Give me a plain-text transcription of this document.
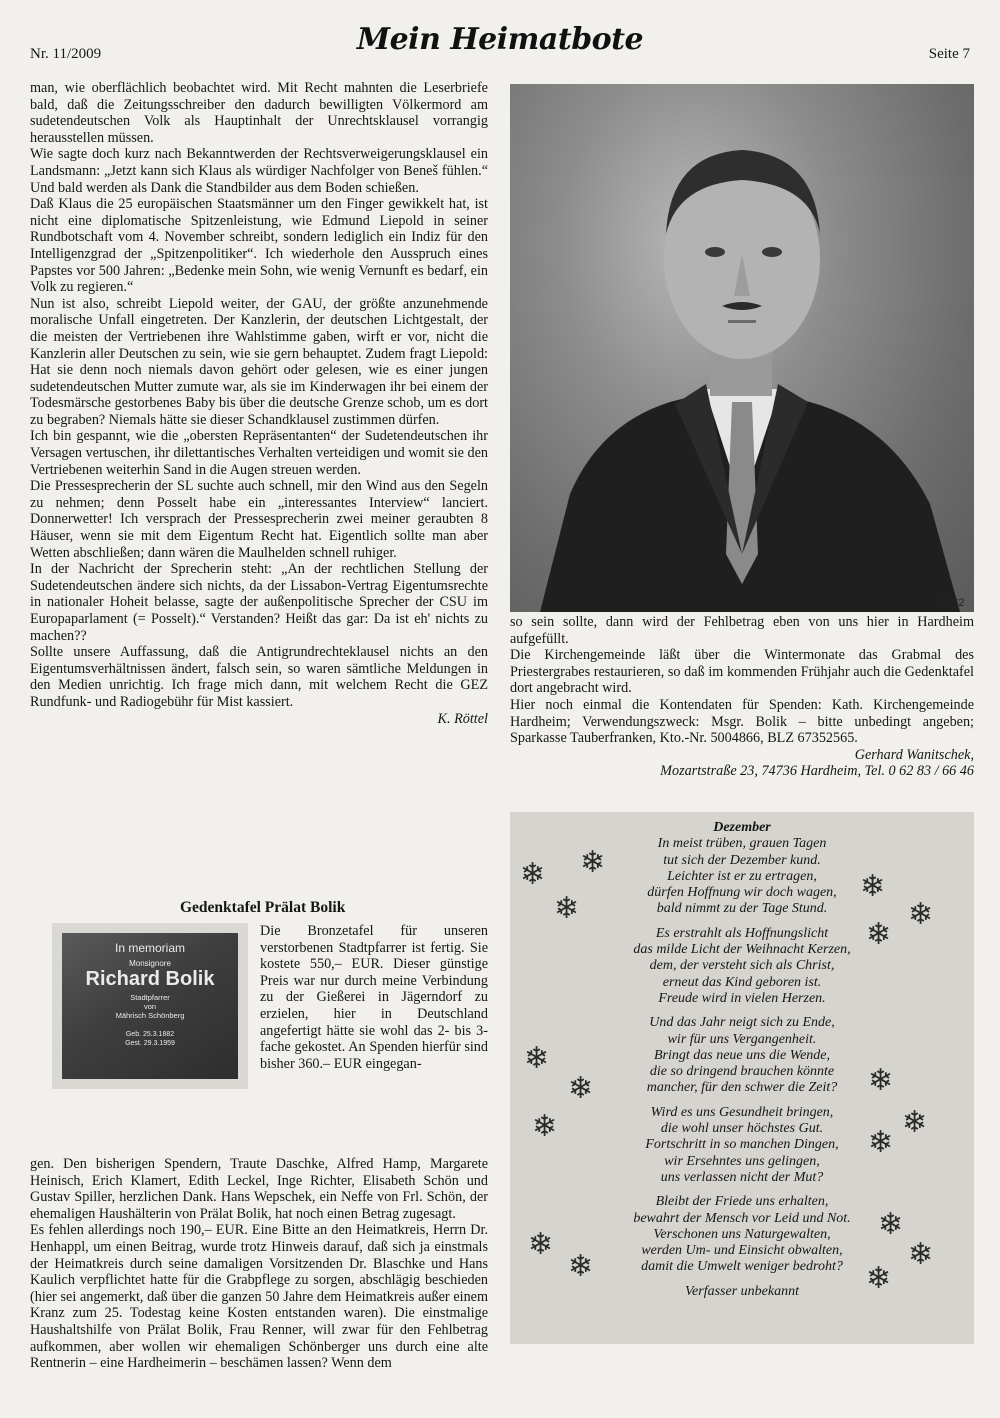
Nr. 11/2009	Mein Heimatbote	Seite 7

man, wie oberflächlich beobachtet wird. Mit Recht mahnten die Leserbriefe bald, daß die Zeitungsschreiber den dadurch bewilligten Völkermord am sudetendeutschen Volk als Hauptinhalt der Unrechtsklausel vorrangig herausstellen müssen.

Wie sagte doch kurz nach Bekanntwerden der Rechtsverweigerungsklausel ein Landsmann: „Jetzt kann sich Klaus als würdiger Nachfolger von Beneš fühlen.“ Und bald werden als Dank die Standbilder aus dem Boden schießen.

Daß Klaus die 25 europäischen Staatsmänner um den Finger gewikkelt hat, ist nicht eine diplomatische Spitzenleistung, wie Edmund Liepold in seiner Rundbotschaft vom 4. November schreibt, sondern lediglich ein Indiz für den Intelligenzgrad der „Spitzenpolitiker“. Ich wiederhole den Ausspruch eines Papstes vor 500 Jahren: „Bedenke mein Sohn, wie wenig Vernunft es bedarf, ein Volk zu regieren.“

Nun ist also, schreibt Liepold weiter, der GAU, der größte anzunehmende moralische Unfall eingetreten. Der Kanzlerin, der deutschen Lichtgestalt, der die meisten der Vertriebenen ihre Wahlstimme gaben, wirft er vor, nicht die Kanzlerin aller Deutschen zu sein, wie sie gern behauptet. Zudem fragt Liepold: Hat sie denn noch niemals davon gehört oder gelesen, wie es einer jungen sudetendeutschen Mutter zumute war, als sie im Kinderwagen ihr bei einem der Todesmärsche gestorbenes Baby bis über die deutsche Grenze schob, um es dort zu begraben? Niemals hätte sie dieser Schandklausel zustimmen dürfen.

Ich bin gespannt, wie die „obersten Repräsentanten“ der Sudetendeutschen ihr Versagen vertuschen, ihr dilettantisches Verhalten verteidigen und womit sie den Vertriebenen weiterhin Sand in die Augen streuen werden.

Die Pressesprecherin der SL suchte auch schnell, mir den Wind aus den Segeln zu nehmen; denn Posselt habe ein „interessantes Interview“ lanciert. Donnerwetter! Ich versprach der Pressesprecherin zwei meiner geraubten 8 Häuser, wenn sie mit dem Eigentum Recht hat. Eigentlich sollte man aber Wetten abschließen; dann wären die Maulhelden schnell ruhiger.

In der Nachricht der Sprecherin steht: „An der rechtlichen Stellung der Sudetendeutschen ändere sich nichts, da der Lissabon-Vertrag Eigentumsrechte in nationaler Hoheit belasse, sagte der außenpolitische Sprecher der CSU im Europaparlament (= Posselt).“ Verstanden? Heißt das gar: Da ist eh' nichts zu machen??

Sollte unsere Auffassung, daß die Antigrundrechteklausel nichts an den Eigentumsverhältnissen ändert, falsch sein, so waren sämtliche Meldungen in den Medien unrichtig. Ich frage mich dann, mit welchem Recht die GEZ Rundfunk- und Radiogebühr für Mist kassiert.

K. Röttel

Gedenktafel Prälat Bolik
In memoriam
Monsignore
Richard Bolik
Stadtpfarrer
von
Mährisch Schönberg
Geb. 25.3.1882
Gest. 29.3.1959

Die Bronzetafel für unseren verstorbenen Stadtpfarrer ist fertig. Sie kostete 550,– EUR. Dieser günstige Preis war nur durch meine Verbindung zu der Gießerei in Jägerndorf zu erzielen, hier in Deutschland angefertigt hätte sie wohl das 2- bis 3-fache gekostet. An Spenden hierfür sind bisher 360.– EUR eingegan-

gen. Den bisherigen Spendern, Traute Daschke, Alfred Hamp, Margarete Heinisch, Erich Klamert, Edith Leckel, Inge Richter, Elisabeth Schön und Gustav Spiller, herzlichen Dank. Hans Wepschek, ein Neffe von Frl. Schön, der ehemaligen Haushälterin von Prälat Bolik, hat noch einen Betrag zugesagt.

Es fehlen allerdings noch 190,– EUR. Eine Bitte an den Heimatkreis, Herrn Dr. Henhappl, um einen Beitrag, wurde trotz Hinweis darauf, daß sich ja einstmals der Heimatkreis durch seine damaligen Vorsitzenden Dr. Blaschke und Hans Kaulich verpflichtet hatte für die Grabpflege zu sorgen, abschlägig beschieden (hier sei angemerkt, daß über die ganzen 50 Jahre dem Heimatkreis außer einem Kranz zum 25. Todestag keine Kosten entstanden waren). Die einstmalige Haushaltshilfe von Prälat Bolik, Frau Renner, will zwar für den Fehlbetrag aufkommen, aber wollen wir ehemaligen Schönberger uns durch eine alte Rentnerin – eine Hardheimerin – beschämen lassen? Wenn dem

5062

so sein sollte, dann wird der Fehlbetrag eben von uns hier in Hardheim aufgefüllt.

Die Kirchengemeinde läßt über die Wintermonate das Grabmal des Priestergrabes restaurieren, so daß im kommenden Frühjahr auch die Gedenktafel dort angebracht wird.

Hier noch einmal die Kontendaten für Spenden: Kath. Kirchengemeinde Hardheim; Verwendungszweck: Msgr. Bolik – bitte unbedingt angeben; Sparkasse Tauberfranken, Kto.-Nr. 5004866, BLZ 67352565.

Gerhard Wanitschek,

Mozartstraße 23, 74736 Hardheim, Tel. 0 62 83 / 66 46

❄ ❄
❄
❄
❄
❄
❄
❄
❄
❄
❄
❄
❄
❄
❄
❄
❄
Dezember
In meist trüben, grauen Tagen
tut sich der Dezember kund.
Leichter ist er zu ertragen,
dürfen Hoffnung wir doch wagen,
bald nimmt zu der Tage Stund.
Es erstrahlt als Hoffnungslicht
das milde Licht der Weihnacht Kerzen,
dem, der versteht sich als Christ,
erneut das Kind geboren ist.
Freude wird in vielen Herzen.
Und das Jahr neigt sich zu Ende,
wir für uns Vergangenheit.
Bringt das neue uns die Wende,
die so dringend brauchen könnte
mancher, für den schwer die Zeit?
Wird es uns Gesundheit bringen,
die wohl unser höchstes Gut.
Fortschritt in so manchen Dingen,
wir Ersehntes uns gelingen,
uns verlassen nicht der Mut?
Bleibt der Friede uns erhalten,
bewahrt der Mensch vor Leid und Not.
Verschonen uns Naturgewalten,
werden Um- und Einsicht obwalten,
damit die Umwelt weniger bedroht?
Verfasser unbekannt
